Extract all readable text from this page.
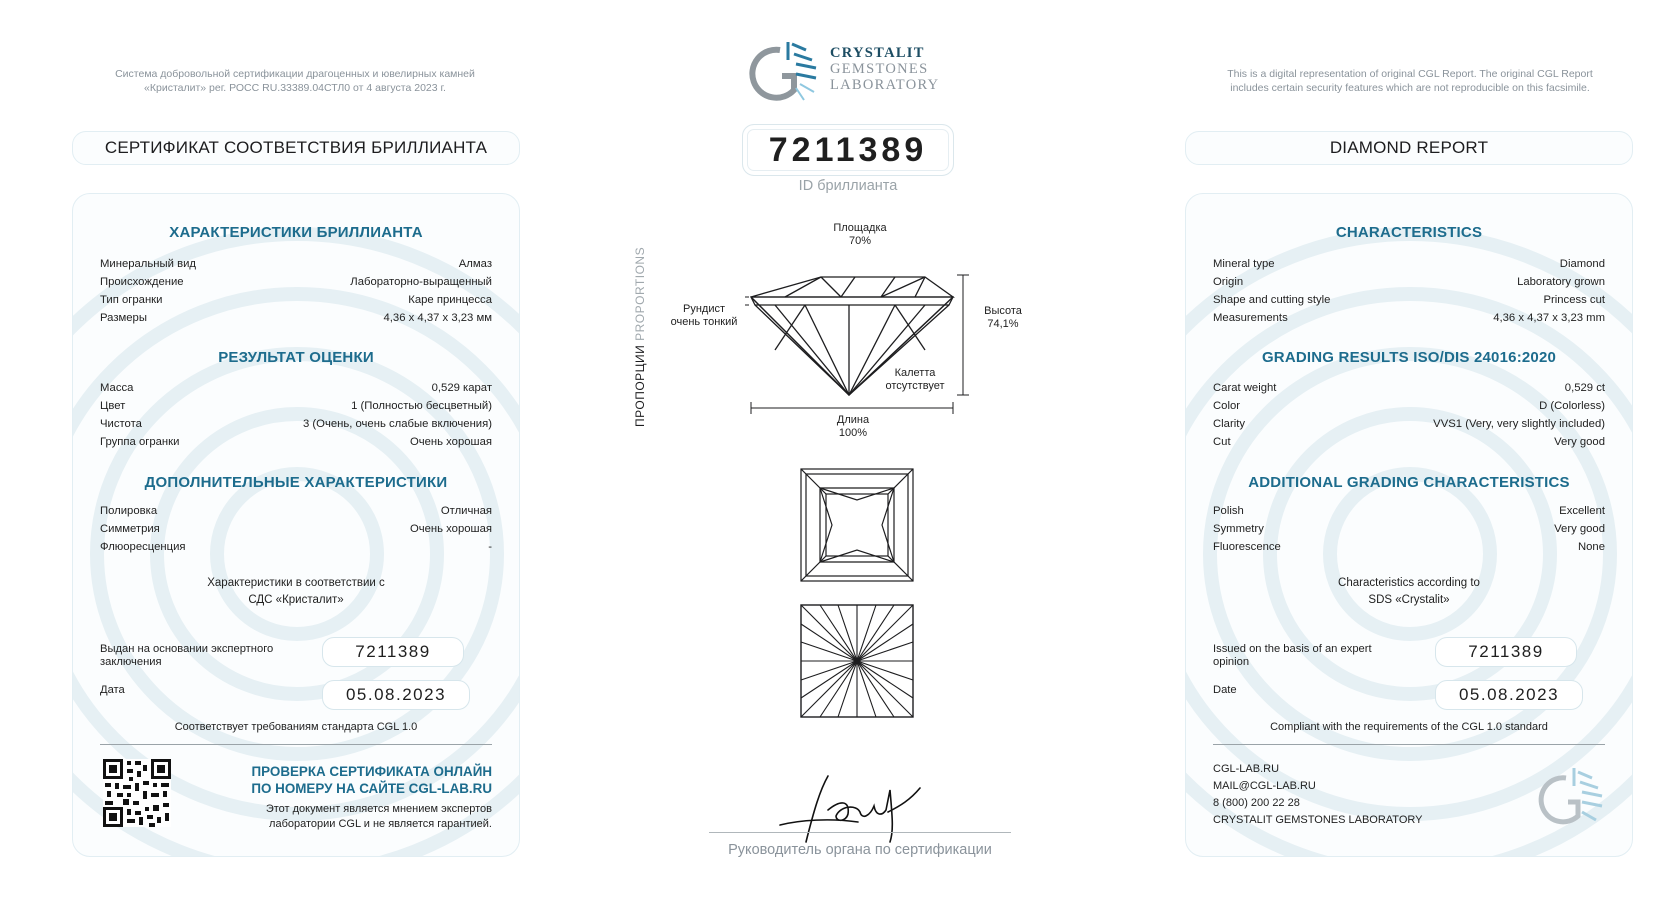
Система добровольной сертификации драгоценных и ювелирных камней
«Кристалит» рег. РОСС RU.33389.04СТЛ0 от 4 августа 2023 г.
СЕРТИФИКАТ СООТВЕТСТВИЯ БРИЛЛИАНТА
ХАРАКТЕРИСТИКИ БРИЛЛИАНТА
Минеральный вид	Алмаз
Происхождение	Лабораторно-выращенный
Тип огранки	Каре принцесса
Размеры	4,36 x 4,37 x 3,23 мм
РЕЗУЛЬТАТ ОЦЕНКИ
Масса	0,529 карат
Цвет	1 (Полностью бесцветный)
Чистота	3 (Очень, очень слабые включения)
Группа огранки	Очень хорошая
ДОПОЛНИТЕЛЬНЫЕ ХАРАКТЕРИСТИКИ
Полировка	Отличная
Симметрия	Очень хорошая
Флюоресценция	-
Характеристики в соответствии с
СДС «Кристалит»
Выдан на основании экспертного
заключения
7211389
Дата	05.08.2023
Соответствует требованиям стандарта CGL 1.0
ПРОВЕРКА СЕРТИФИКАТА ОНЛАЙН
ПО НОМЕРУ НА САЙТЕ CGL-LAB.RU
Этот документ является мнением экспертов
лаборатории CGL и не является гарантией.
CRYSTALIT
GEMSTONES
LABORATORY
7211389
ID бриллианта
ПРОПОРЦИИ PROPORTIONS
Площадка
70%
Рундист
очень тонкий
Высота
74,1%
Калетта
отсутствует
Длина
100%
Руководитель органа по сертификации
This is a digital representation of original CGL Report. The original CGL Report
includes certain security features which are not reproducible on this facsimile.
DIAMOND REPORT
CHARACTERISTICS
Mineral type	Diamond
Origin	Laboratory grown
Shape and cutting style	Princess cut
Measurements	4,36 x 4,37 x 3,23 mm
GRADING RESULTS ISO/DIS 24016:2020
Carat weight	0,529 ct
Color	D (Colorless)
Clarity	VVS1 (Very, very slightly included)
Cut	Very good
ADDITIONAL GRADING CHARACTERISTICS
Polish	Excellent
Symmetry	Very good
Fluorescence	None
Characteristics according to
SDS «Crystalit»
Issued on the basis of an expert
opinion
7211389
Date	05.08.2023
Compliant with the requirements of the CGL 1.0 standard
CGL-LAB.RU
MAIL@CGL-LAB.RU
8 (800) 200 22 28
CRYSTALIT GEMSTONES LABORATORY
